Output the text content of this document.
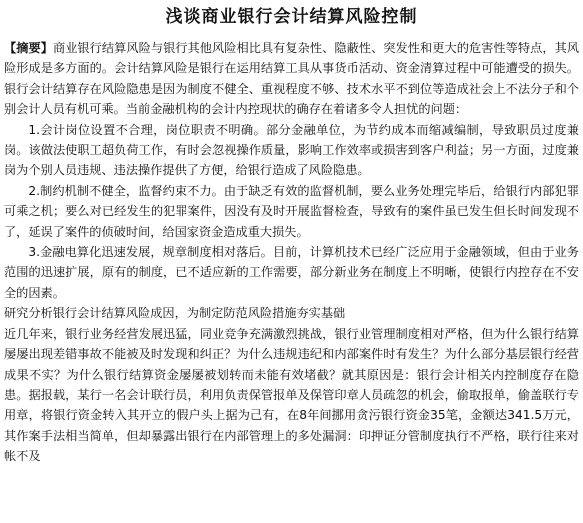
浅谈商业银行会计结算风险控制

【摘要】商业银行结算风险与银行其他风险相比具有复杂性、隐蔽性、突发性和更大的危害性等特点，其风险形成是多方面的。会计结算风险是银行在运用结算工具从事货币活动、资金清算过程中可能遭受的损失。银行会计结算存在风险隐患是因为制度不健全、重视程度不够、技术水平不到位等造成社会上不法分子和个别会计人员有机可乘。当前金融机构的会计内控现状的确存在着诸多令人担忧的问题：

1.会计岗位设置不合理，岗位职责不明确。部分金融单位，为节约成本而缩减编制，导致职员过度兼岗。该做法使职工超负荷工作，有时会忽视操作质量，影响工作效率或损害到客户利益；另一方面，过度兼岗为个别人员违规、违法操作提供了方便，给银行造成了风险隐患。

2.制约机制不健全，监督约束不力。由于缺乏有效的监督机制，要么业务处理完毕后，给银行内部犯罪可乘之机；要么对已经发生的犯罪案件，因没有及时开展监督检查，导致有的案件虽已发生但长时间发现不了，延误了案件的侦破时间，给国家资金造成重大损失。

3.金融电算化迅速发展，规章制度相对落后。目前，计算机技术已经广泛应用于金融领域，但由于业务范围的迅速扩展，原有的制度，已不适应新的工作需要，部分新业务在制度上不明晰，使银行内控存在不安全的因素。

研究分析银行会计结算风险成因，为制定防范风险措施夯实基础

近几年来，银行业务经营发展迅猛，同业竞争充满激烈挑战，银行业管理制度相对严格，但为什么银行结算屡屡出现差错事故不能被及时发现和纠正？为什么违规违纪和内部案件时有发生？为什么部分基层银行经营成果不实？为什么银行结算资金屡屡被划转而未能有效堵截？就其原因是：银行会计相关内控制度存在隐患。据报载，某行一名会计联行员，利用负责保管报单及保管印章人员疏忽的机会，偷取报单，偷盖联行专用章，将银行资金转入其开立的假户头上据为己有，在8年间挪用贪污银行资金35笔，金额达341.5万元，其作案手法相当简单，但却暴露出银行在内部管理上的多处漏洞：印押证分管制度执行不严格，联行往来对帐不及
